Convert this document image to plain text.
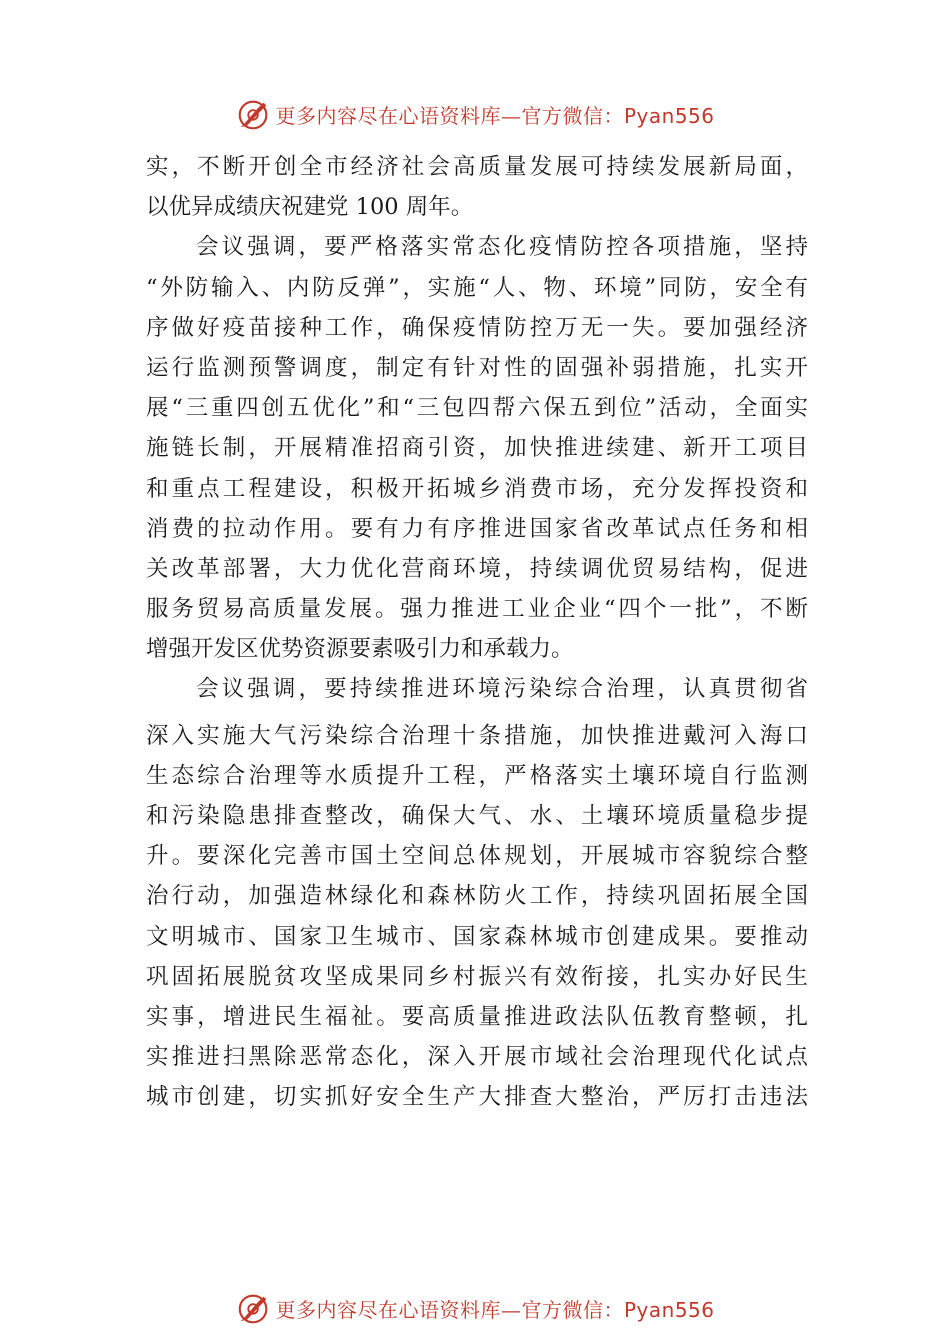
更多内容尽在心语资料库—官方微信：Pyan556
实，不断开创全市经济社会高质量发展可持续发展新局面，
以优异成绩庆祝建党 100 周年。
会议强调，要严格落实常态化疫情防控各项措施，坚持
“外防输入、内防反弹”，实施“人、物、环境”同防，安全有
序做好疫苗接种工作，确保疫情防控万无一失。要加强经济
运行监测预警调度，制定有针对性的固强补弱措施，扎实开
展“三重四创五优化”和“三包四帮六保五到位”活动，全面实
施链长制，开展精准招商引资，加快推进续建、新开工项目
和重点工程建设，积极开拓城乡消费市场，充分发挥投资和
消费的拉动作用。要有力有序推进国家省改革试点任务和相
关改革部署，大力优化营商环境，持续调优贸易结构，促进
服务贸易高质量发展。强力推进工业企业“四个一批”，不断
增强开发区优势资源要素吸引力和承载力。
会议强调，要持续推进环境污染综合治理，认真贯彻省
深入实施大气污染综合治理十条措施，加快推进戴河入海口
生态综合治理等水质提升工程，严格落实土壤环境自行监测
和污染隐患排查整改，确保大气、水、土壤环境质量稳步提
升。要深化完善市国土空间总体规划，开展城市容貌综合整
治行动，加强造林绿化和森林防火工作，持续巩固拓展全国
文明城市、国家卫生城市、国家森林城市创建成果。要推动
巩固拓展脱贫攻坚成果同乡村振兴有效衔接，扎实办好民生
实事，增进民生福祉。要高质量推进政法队伍教育整顿，扎
实推进扫黑除恶常态化，深入开展市域社会治理现代化试点
城市创建，切实抓好安全生产大排查大整治，严厉打击违法
更多内容尽在心语资料库—官方微信：Pyan556
